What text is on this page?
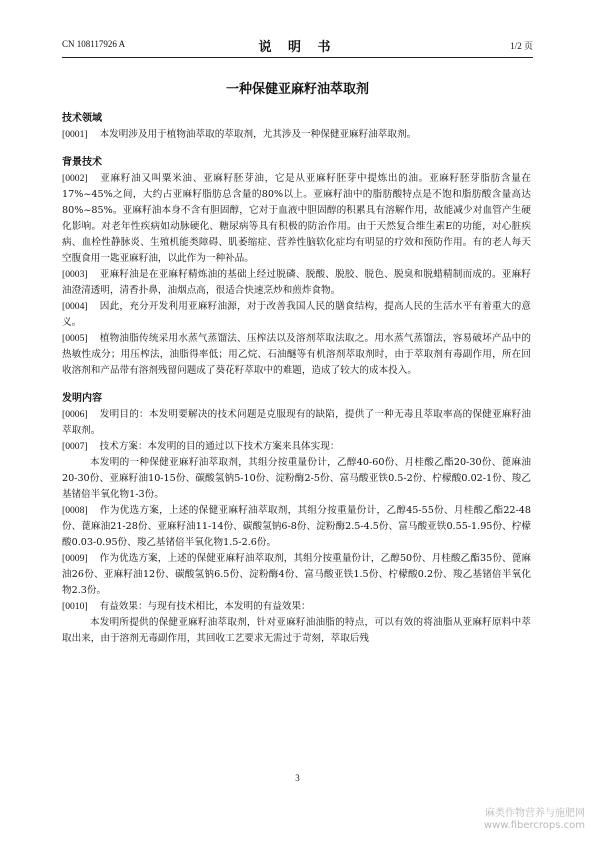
CN 108117926 A	说 明 书	1/2 页
一种保健亚麻籽油萃取剂
技术领域

[0001] 本发明涉及用于植物油萃取的萃取剂，尤其涉及一种保健亚麻籽油萃取剂。

背景技术

[0002] 亚麻籽油又叫粟米油、亚麻籽胚芽油，它是从亚麻籽胚芽中提炼出的油。亚麻籽胚芽脂肪含量在17%~45%之间，大约占亚麻籽脂肪总含量的80%以上。亚麻籽油中的脂肪酸特点是不饱和脂肪酸含量高达80%~85%。亚麻籽油本身不含有胆固醇，它对于血液中胆固醇的积累具有溶解作用，故能减少对血管产生硬化影响。对老年性疾病如动脉硬化、糖尿病等具有积极的防治作用。由于天然复合维生素E的功能，对心脏疾病、血栓性静脉炎、生殖机能类障碍、肌萎缩症、营养性脑软化症均有明显的疗效和预防作用。有的老人每天空腹食用一匙亚麻籽油，以此作为一种补品。

[0003] 亚麻籽油是在亚麻籽精炼油的基础上经过脱磷、脱酸、脱胶、脱色、脱臭和脱蜡精制而成的。亚麻籽油澄清透明，清香扑鼻，油烟点高，很适合快速烹炒和煎炸食物。

[0004] 因此，充分开发利用亚麻籽油源，对于改善我国人民的膳食结构，提高人民的生活水平有着重大的意义。

[0005] 植物油脂传统采用水蒸气蒸馏法、压榨法以及溶剂萃取法取之。用水蒸气蒸馏法，容易破坏产品中的热敏性成分；用压榨法，油脂得率低；用乙烷、石油醚等有机溶剂萃取剂时，由于萃取剂有毒副作用，所在回收溶剂和产品带有溶剂残留问题成了葵花籽萃取中的难题，造成了较大的成本投入。

发明内容

[0006] 发明目的：本发明要解决的技术问题是克服现有的缺陷，提供了一种无毒且萃取率高的保健亚麻籽油萃取剂。

[0007] 技术方案：本发明的目的通过以下技术方案来具体实现：

本发明的一种保健亚麻籽油萃取剂，其组分按重量份计，乙醇40-60份、月桂酸乙酯20-30份、蓖麻油20-30份、亚麻籽油10-15份、碳酸氢钠5-10份、淀粉酶2-5份、富马酸亚铁0.5-2份、柠檬酸0.02-1份、羧乙基锗倍半氧化物1-3份。

[0008] 作为优选方案，上述的保健亚麻籽油萃取剂，其组分按重量份计，乙醇45-55份、月桂酸乙酯22-48份、蓖麻油21-28份、亚麻籽油11-14份、碳酸氢钠6-8份、淀粉酶2.5-4.5份、富马酸亚铁0.55-1.95份、柠檬酸0.03-0.95份、羧乙基锗倍半氧化物1.5-2.6份。

[0009] 作为优选方案，上述的保健亚麻籽油萃取剂，其组分按重量份计，乙醇50份、月桂酸乙酯35份、蓖麻油26份、亚麻籽油12份、碳酸氢钠6.5份、淀粉酶4份、富马酸亚铁1.5份、柠檬酸0.2份、羧乙基锗倍半氧化物2.3份。

[0010] 有益效果：与现有技术相比，本发明的有益效果：

本发明所提供的保健亚麻籽油萃取剂，针对亚麻籽油油脂的特点，可以有效的将油脂从亚麻籽原料中萃取出来，由于溶剂无毒副作用，其回收工艺要求无需过于苛刻，萃取后残

3
麻类作物营养与施肥网
www.fibercrops.com
